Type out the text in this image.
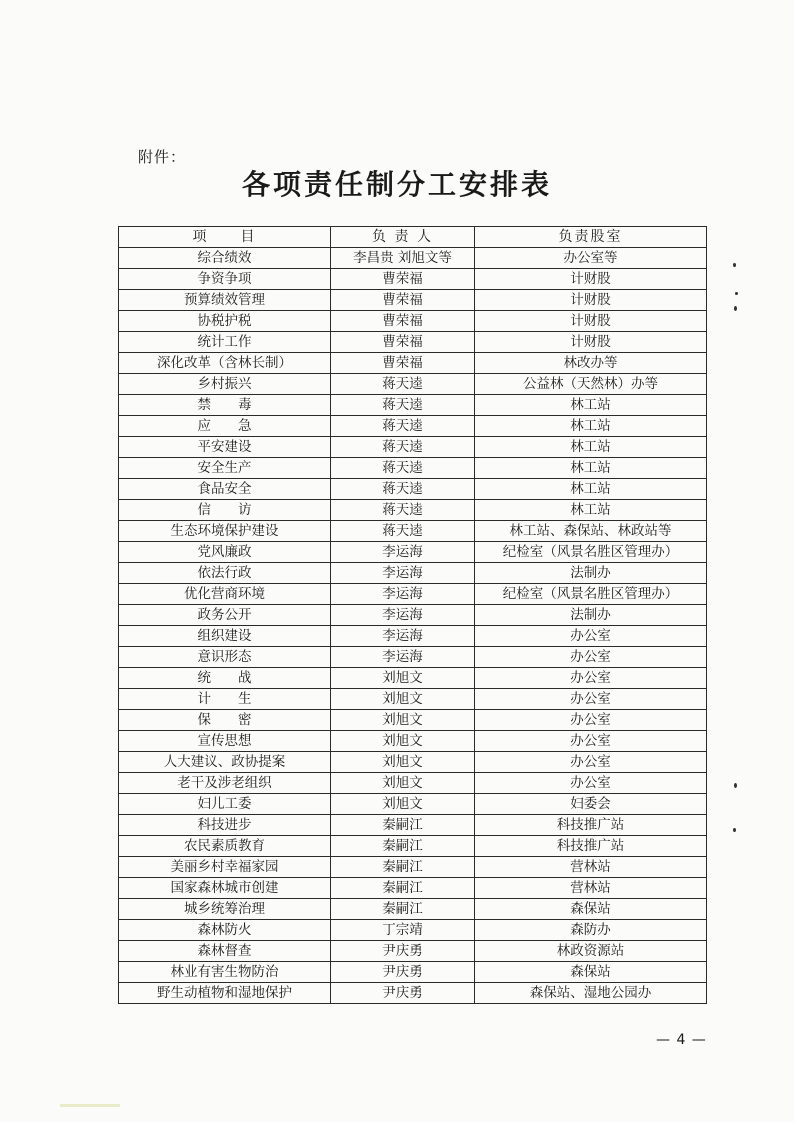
附件：
各项责任制分工安排表
项　　目	负 责 人	负责股室
综合绩效	李昌贵 刘旭文等	办公室等
争资争项	曹荣福	计财股
预算绩效管理	曹荣福	计财股
协税护税	曹荣福	计财股
统计工作	曹荣福	计财股
深化改革（含林长制）	曹荣福	林改办等
乡村振兴	蒋天逵	公益林（天然林）办等
禁　　毒	蒋天逵	林工站
应　　急	蒋天逵	林工站
平安建设	蒋天逵	林工站
安全生产	蒋天逵	林工站
食品安全	蒋天逵	林工站
信　　访	蒋天逵	林工站
生态环境保护建设	蒋天逵	林工站、森保站、林政站等
党风廉政	李运海	纪检室（风景名胜区管理办）
依法行政	李运海	法制办
优化营商环境	李运海	纪检室（风景名胜区管理办）
政务公开	李运海	法制办
组织建设	李运海	办公室
意识形态	李运海	办公室
统　　战	刘旭文	办公室
计　　生	刘旭文	办公室
保　　密	刘旭文	办公室
宣传思想	刘旭文	办公室
人大建议、政协提案	刘旭文	办公室
老干及涉老组织	刘旭文	办公室
妇儿工委	刘旭文	妇委会
科技进步	秦嗣江	科技推广站
农民素质教育	秦嗣江	科技推广站
美丽乡村幸福家园	秦嗣江	营林站
国家森林城市创建	秦嗣江	营林站
城乡统筹治理	秦嗣江	森保站
森林防火	丁宗靖	森防办
森林督查	尹庆勇	林政资源站
林业有害生物防治	尹庆勇	森保站
野生动植物和湿地保护	尹庆勇	森保站、湿地公园办
— 4 —
